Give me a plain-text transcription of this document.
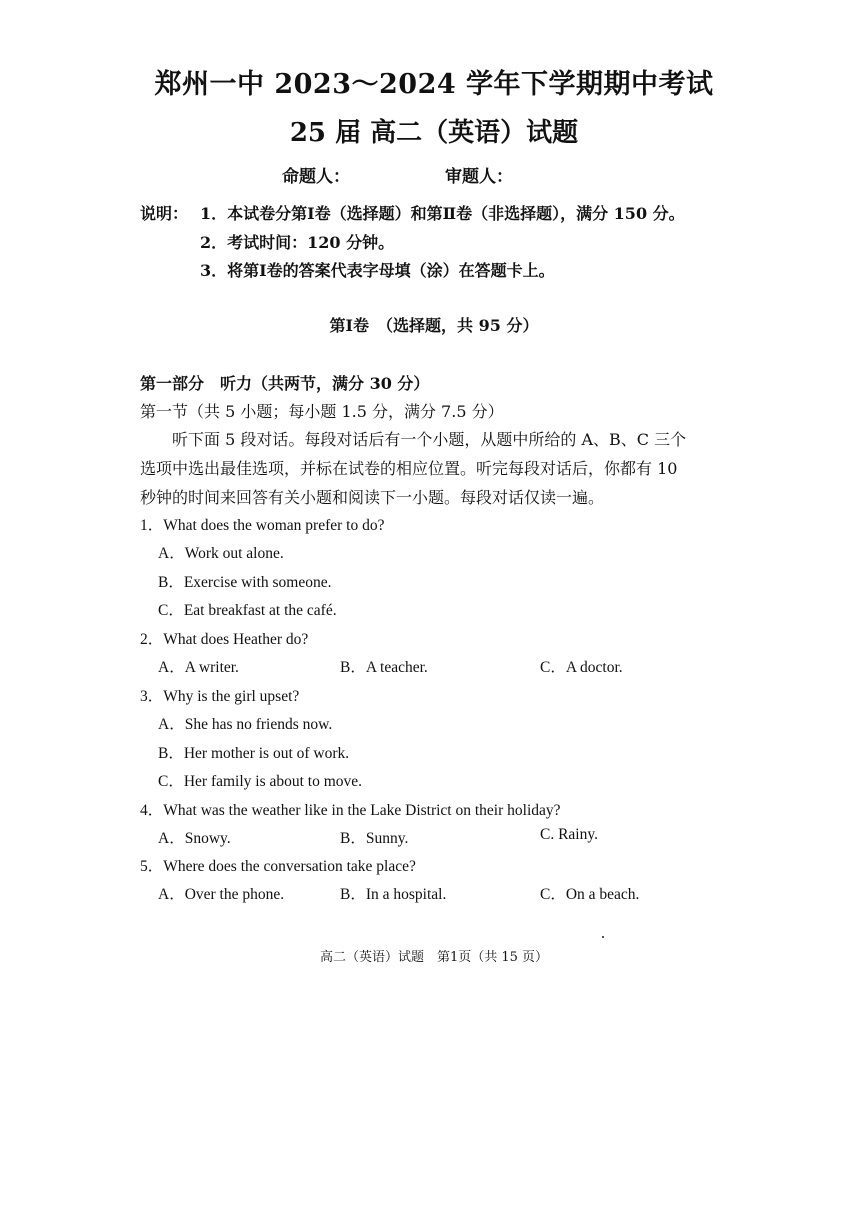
郑州一中 2023～2024 学年下学期期中考试
25 届 高二（英语）试题
命题人：	审题人：
说明： 1．本试卷分第Ⅰ卷（选择题）和第Ⅱ卷（非选择题），满分 150 分。
2．考试时间：120 分钟。
3．将第Ⅰ卷的答案代表字母填（涂）在答题卡上。
第Ⅰ卷　（选择题，共 95 分）
第一部分　听力（共两节，满分 30 分）
第一节（共 5 小题；每小题 1.5 分，满分 7.5 分）
听下面 5 段对话。每段对话后有一个小题，从题中所给的 A、B、C 三个
选项中选出最佳选项，并标在试卷的相应位置。听完每段对话后，你都有 10
秒钟的时间来回答有关小题和阅读下一小题。每段对话仅读一遍。
1．What does the woman prefer to do?
A．Work out alone.
B．Exercise with someone.
C．Eat breakfast at the café.
2．What does Heather do?
A．A writer.	B．A teacher.	C．A doctor.
3．Why is the girl upset?
A．She has no friends now.
B．Her mother is out of work.
C．Her family is about to move.
4．What was the weather like in the Lake District on their holiday?
A．Snowy.	B．Sunny.	C. Rainy.
5．Where does the conversation take place?
A．Over the phone.	B．In a hospital.	C．On a beach.
高二（英语）试题　第1页（共 15 页）
